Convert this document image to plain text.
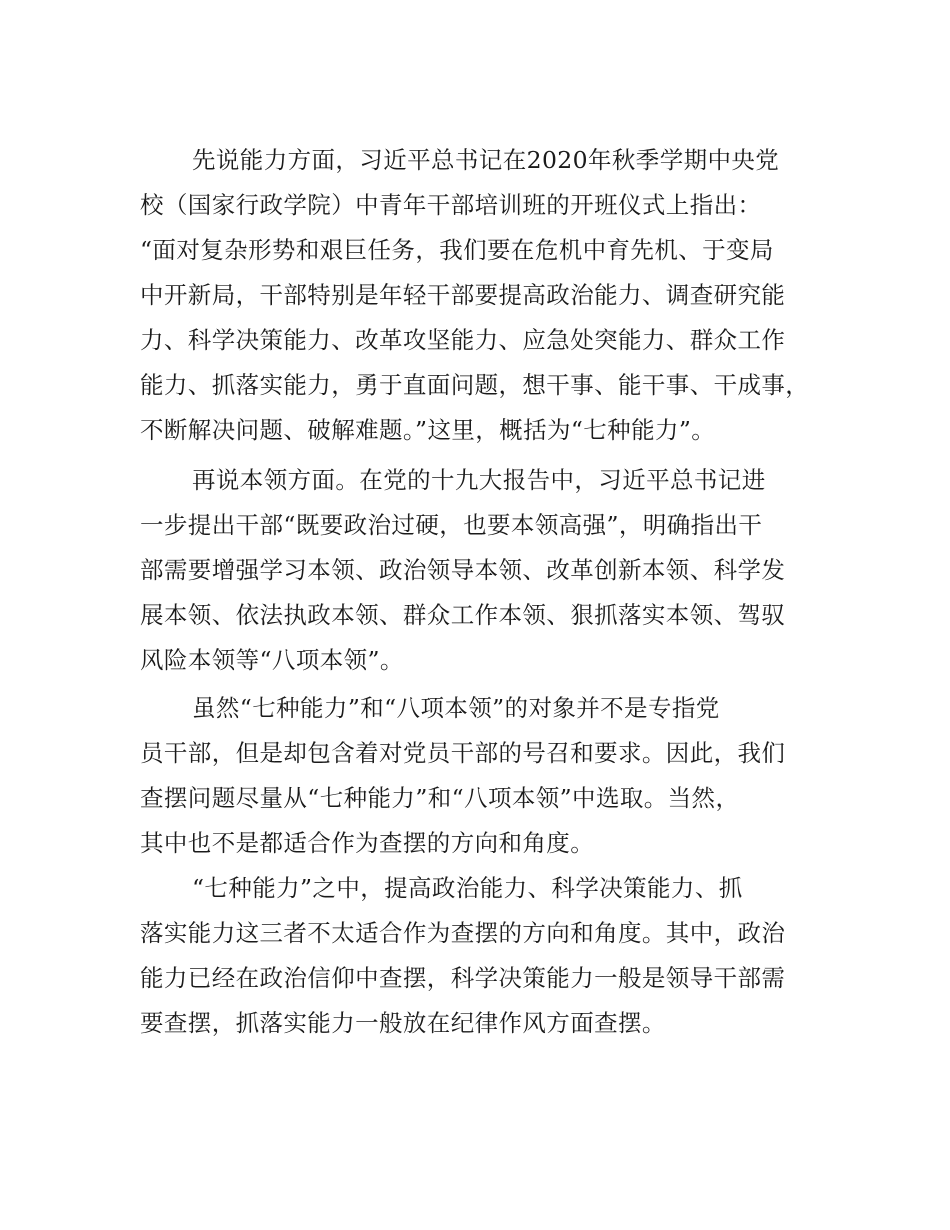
先说能力方面，习近平总书记在2020年秋季学期中央党
校（国家行政学院）中青年干部培训班的开班仪式上指出：
“面对复杂形势和艰巨任务，我们要在危机中育先机、于变局
中开新局，干部特别是年轻干部要提高政治能力、调查研究能
力、科学决策能力、改革攻坚能力、应急处突能力、群众工作
能力、抓落实能力，勇于直面问题，想干事、能干事、干成事，
不断解决问题、破解难题。”这里，概括为“七种能力”。
再说本领方面。在党的十九大报告中，习近平总书记进
一步提出干部“既要政治过硬，也要本领高强”，明确指出干
部需要增强学习本领、政治领导本领、改革创新本领、科学发
展本领、依法执政本领、群众工作本领、狠抓落实本领、驾驭
风险本领等“八项本领”。
虽然“七种能力”和“八项本领”的对象并不是专指党
员干部，但是却包含着对党员干部的号召和要求。因此，我们
查摆问题尽量从“七种能力”和“八项本领”中选取。当然，
其中也不是都适合作为查摆的方向和角度。
“七种能力”之中，提高政治能力、科学决策能力、抓
落实能力这三者不太适合作为查摆的方向和角度。其中，政治
能力已经在政治信仰中查摆，科学决策能力一般是领导干部需
要查摆，抓落实能力一般放在纪律作风方面查摆。
